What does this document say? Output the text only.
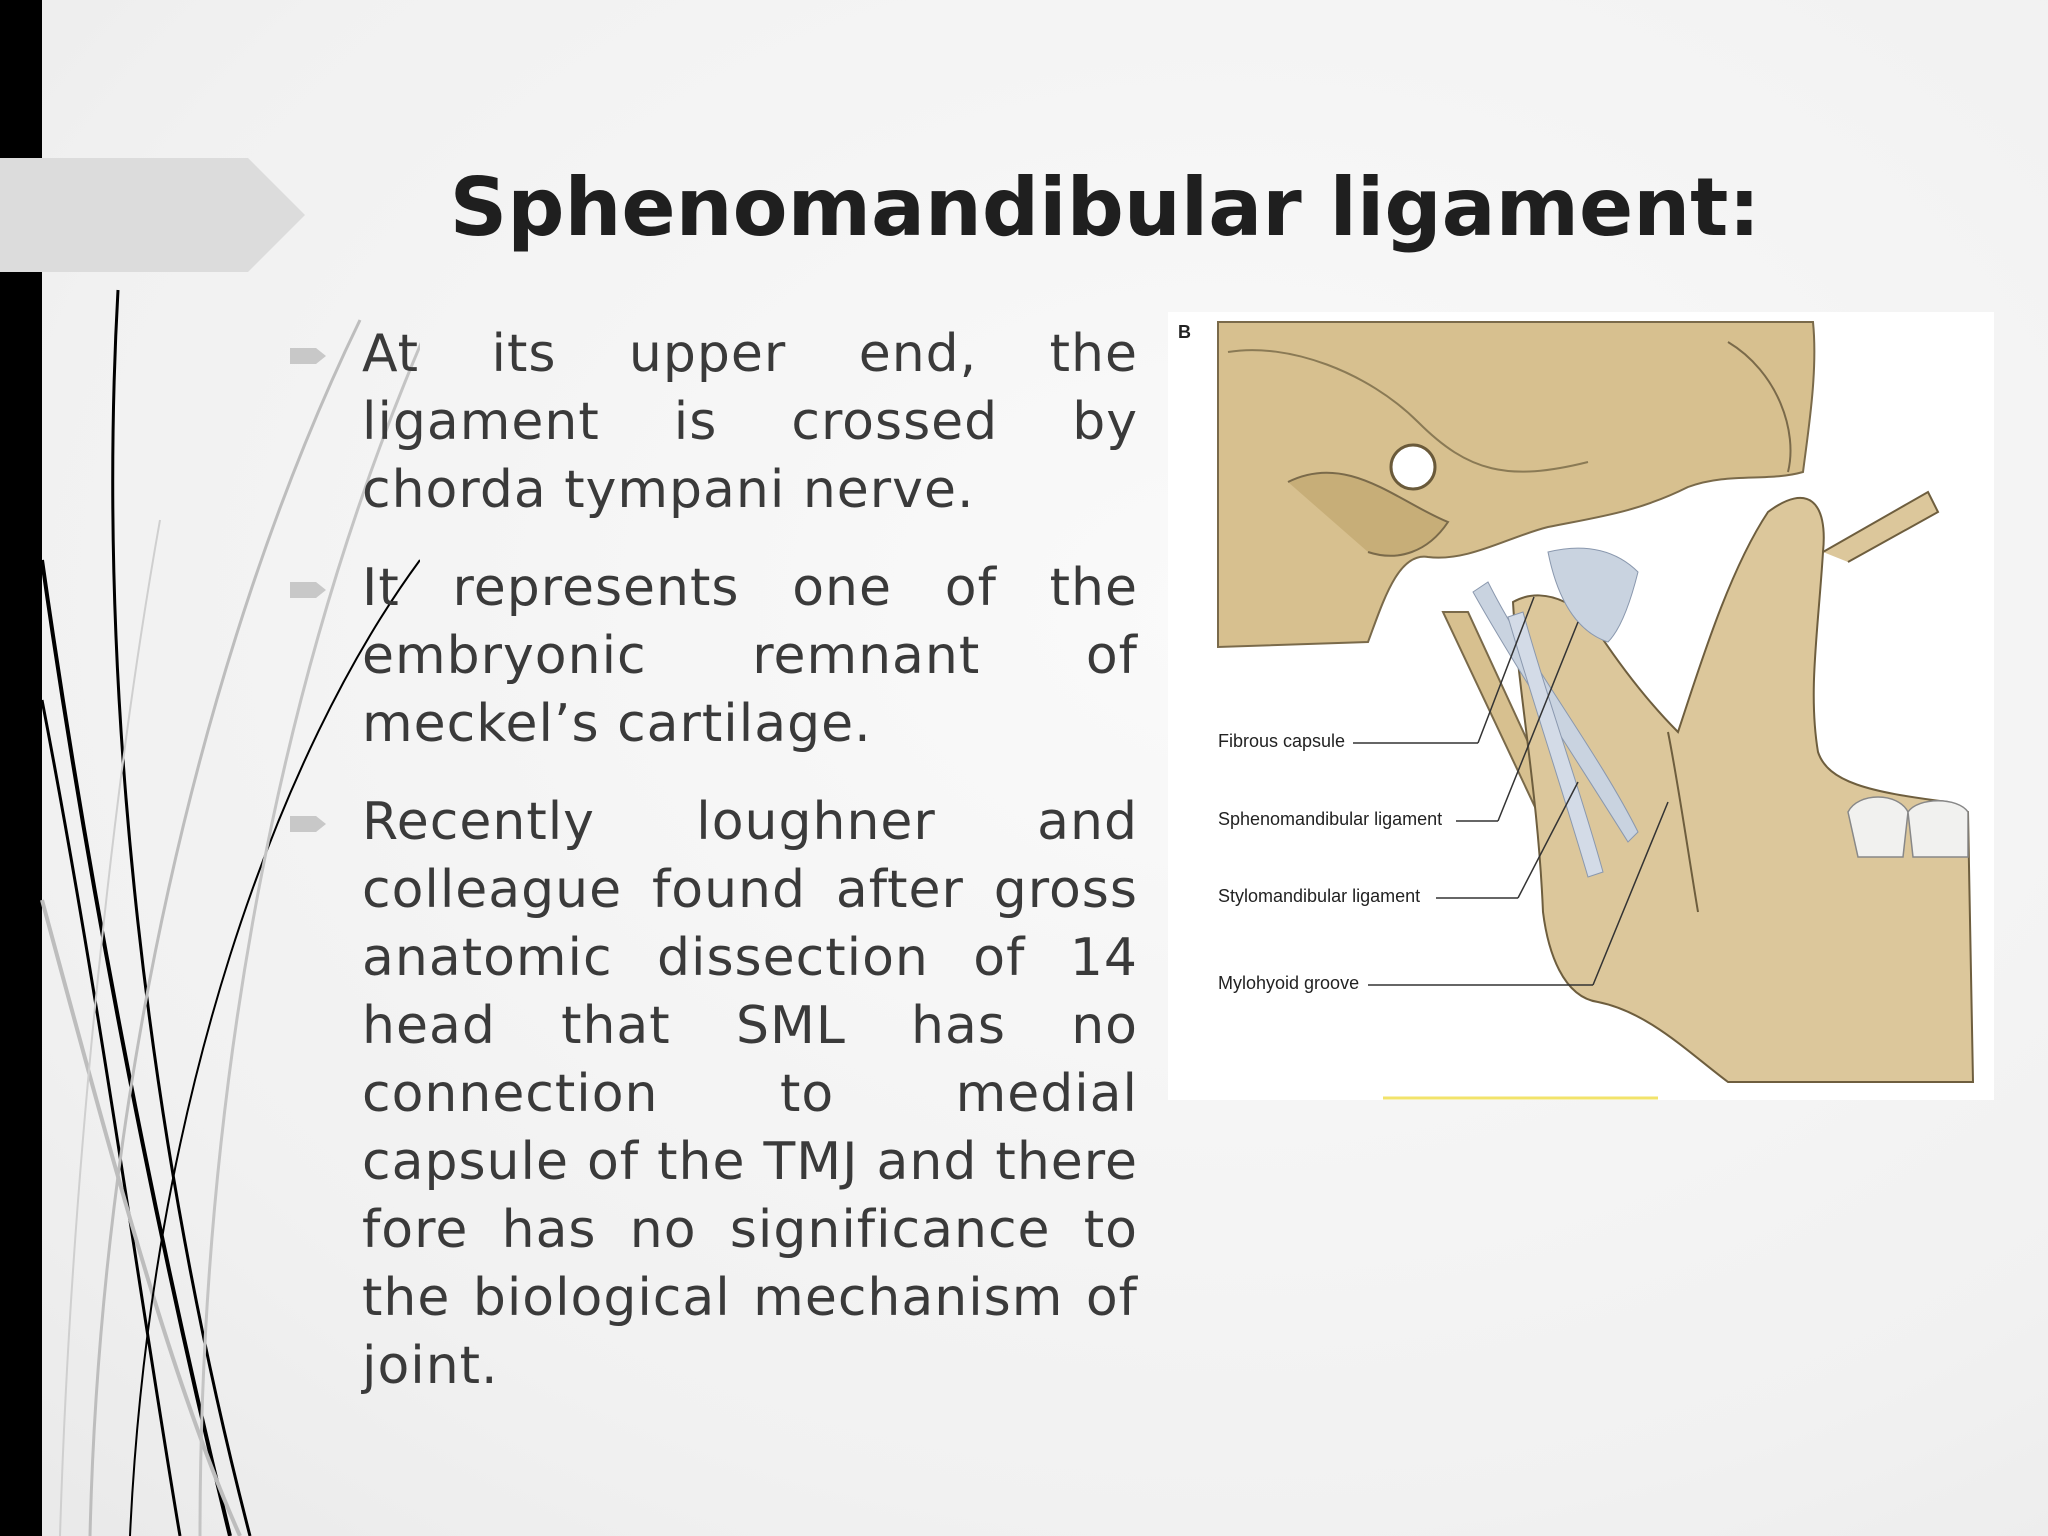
Sphenomandibular ligament:
At its upper end, the ligament is crossed by chorda tympani nerve.
It represents one of the embryonic remnant of meckel’s cartilage.
Recently loughner and colleague found after gross anatomic dissection of 14 head that SML has no connection to medial capsule of the TMJ and there fore has no significance to the biological mechanism of joint.
B
Fibrous capsule
Sphenomandibular ligament
Stylomandibular ligament
Mylohyoid groove
